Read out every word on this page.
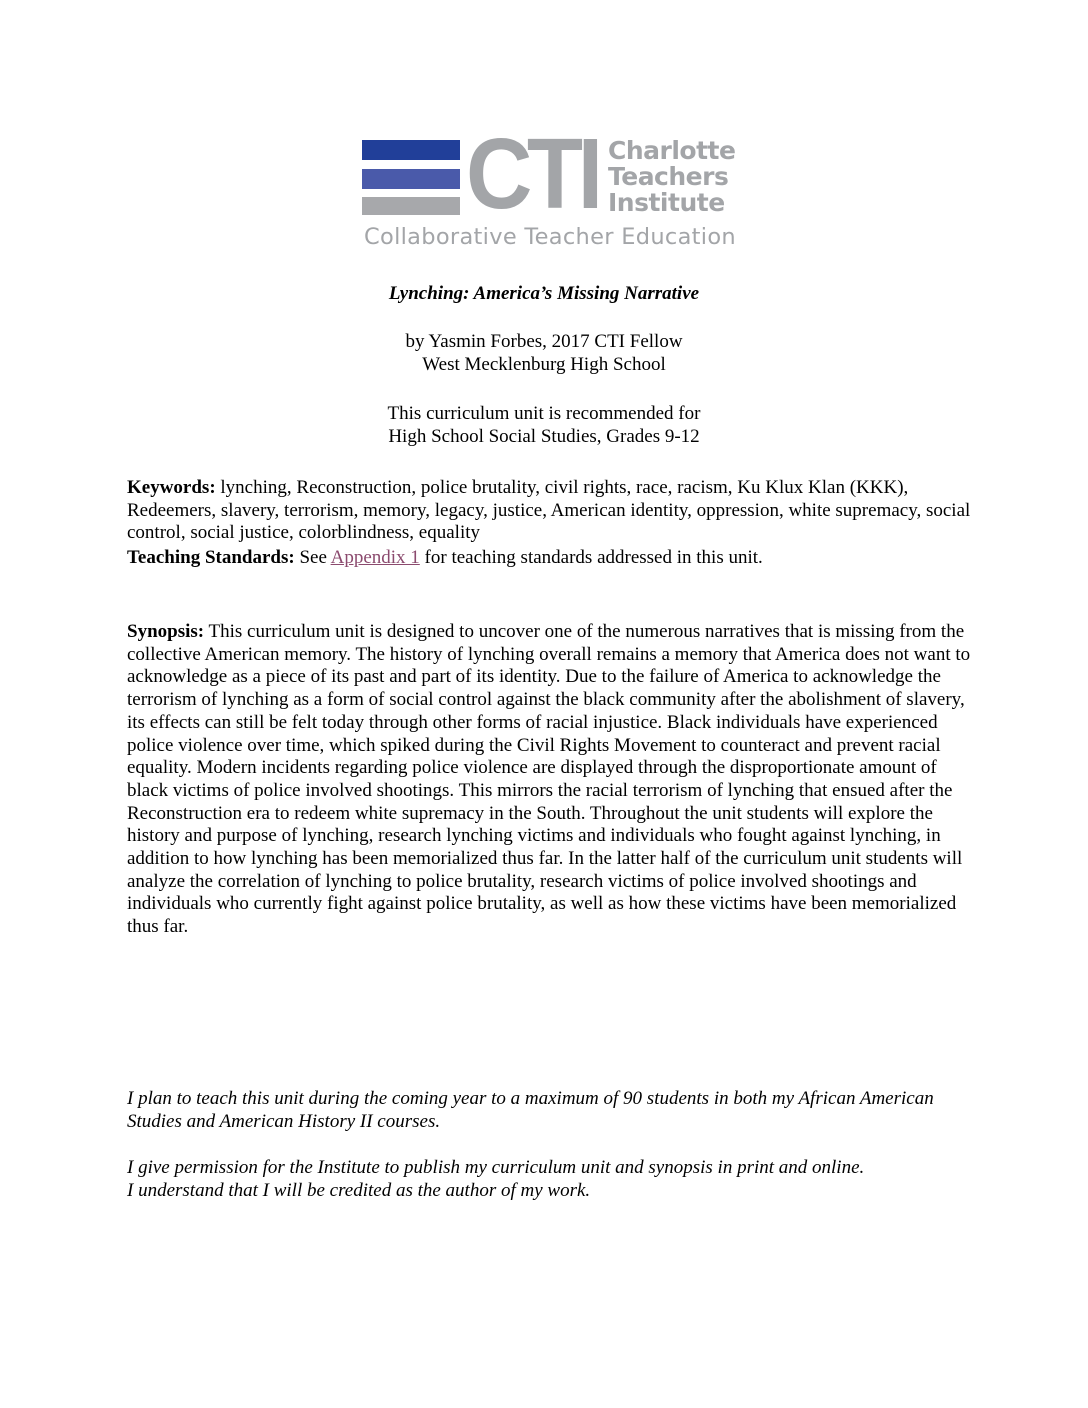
CTI Charlotte
Teachers
Institute
Collaborative Teacher Education
Lynching: America’s Missing Narrative
by Yasmin Forbes, 2017 CTI Fellow
West Mecklenburg High School
This curriculum unit is recommended for
High School Social Studies, Grades 9-12
Keywords: lynching, Reconstruction, police brutality, civil rights, race, racism, Ku Klux Klan (KKK), Redeemers, slavery, terrorism, memory, legacy, justice, American identity, oppression, white supremacy, social control, social justice, colorblindness, equality
Teaching Standards: See Appendix 1 for teaching standards addressed in this unit.
Synopsis: This curriculum unit is designed to uncover one of the numerous narratives that is missing from the collective American memory. The history of lynching overall remains a memory that America does not want to acknowledge as a piece of its past and part of its identity. Due to the failure of America to acknowledge the terrorism of lynching as a form of social control against the black community after the abolishment of slavery, its effects can still be felt today through other forms of racial injustice. Black individuals have experienced police violence over time, which spiked during the Civil Rights Movement to counteract and prevent racial equality. Modern incidents regarding police violence are displayed through the disproportionate amount of black victims of police involved shootings. This mirrors the racial terrorism of lynching that ensued after the Reconstruction era to redeem white supremacy in the South. Throughout the unit students will explore the history and purpose of lynching, research lynching victims and individuals who fought against lynching, in addition to how lynching has been memorialized thus far. In the latter half of the curriculum unit students will analyze the correlation of lynching to police brutality, research victims of police involved shootings and individuals who currently fight against police brutality, as well as how these victims have been memorialized thus far.
I plan to teach this unit during the coming year to a maximum of 90 students in both my African American Studies and American History II courses.
I give permission for the Institute to publish my curriculum unit and synopsis in print and online.
I understand that I will be credited as the author of my work.
